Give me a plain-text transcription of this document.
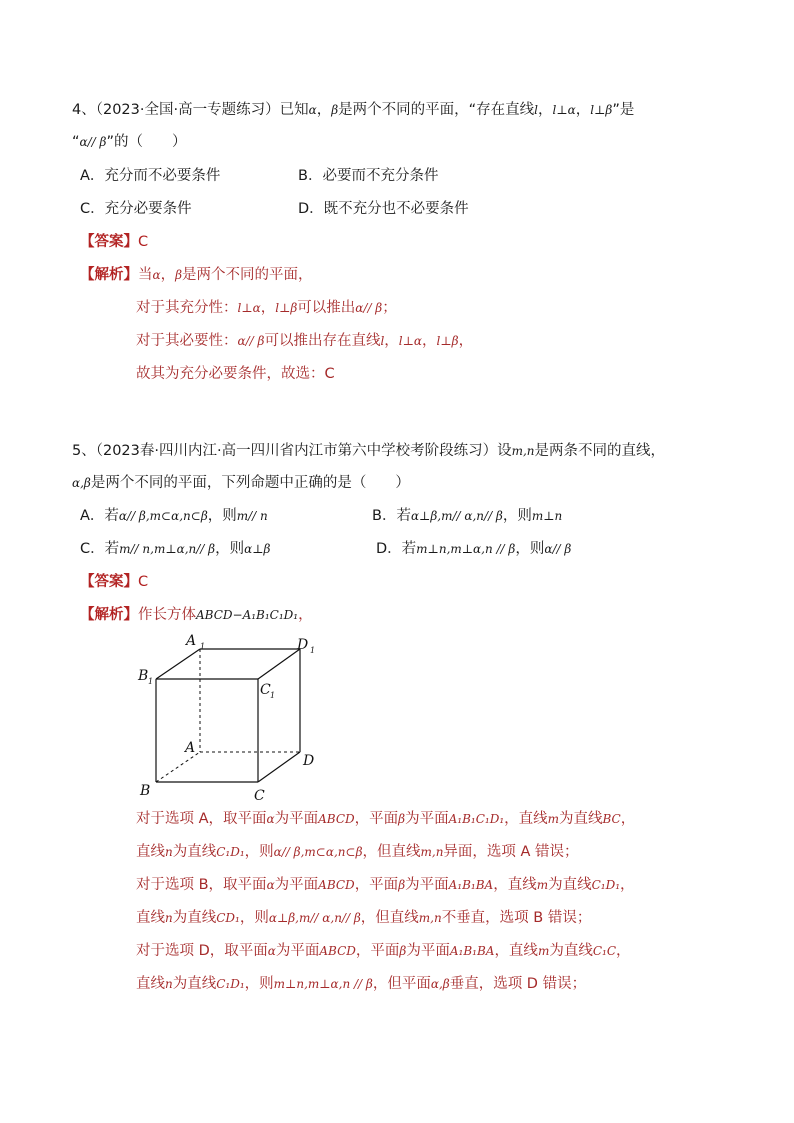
4、（2023·全国·高一专题练习）已知α，β是两个不同的平面，“存在直线l，l⊥α，l⊥β”是
“α// β”的（　　）
A．充分而不必要条件	B．必要而不充分条件
C．充分必要条件	D．既不充分也不必要条件
【答案】C
【解析】当α，β是两个不同的平面，
对于其充分性：l⊥α，l⊥β可以推出α// β；
对于其必要性：α// β可以推出存在直线l，l⊥α，l⊥β，
故其为充分必要条件，故选：C
5、（2023春·四川内江·高一四川省内江市第六中学校考阶段练习）设m,n是两条不同的直线，
α,β是两个不同的平面，下列命题中正确的是（　　）
A．若α// β,m⊂α,n⊂β，则m// n	B．若α⊥β,m// α,n// β，则m⊥n
C．若m// n,m⊥α,n// β，则α⊥β	D．若m⊥n,m⊥α,n // β，则α// β
【答案】C
【解析】作长方体ABCD−A₁B₁C₁D₁，
A 1	D 1
B 1
C 1
A
D
B	C
对于选项 A，取平面α为平面ABCD，平面β为平面A₁B₁C₁D₁，直线m为直线BC，
直线n为直线C₁D₁，则α// β,m⊂α,n⊂β，但直线m,n异面，选项 A 错误；
对于选项 B，取平面α为平面ABCD，平面β为平面A₁B₁BA，直线m为直线C₁D₁，
直线n为直线CD₁，则α⊥β,m// α,n// β，但直线m,n不垂直，选项 B 错误；
对于选项 D，取平面α为平面ABCD，平面β为平面A₁B₁BA，直线m为直线C₁C，
直线n为直线C₁D₁，则m⊥n,m⊥α,n // β，但平面α,β垂直，选项 D 错误；
